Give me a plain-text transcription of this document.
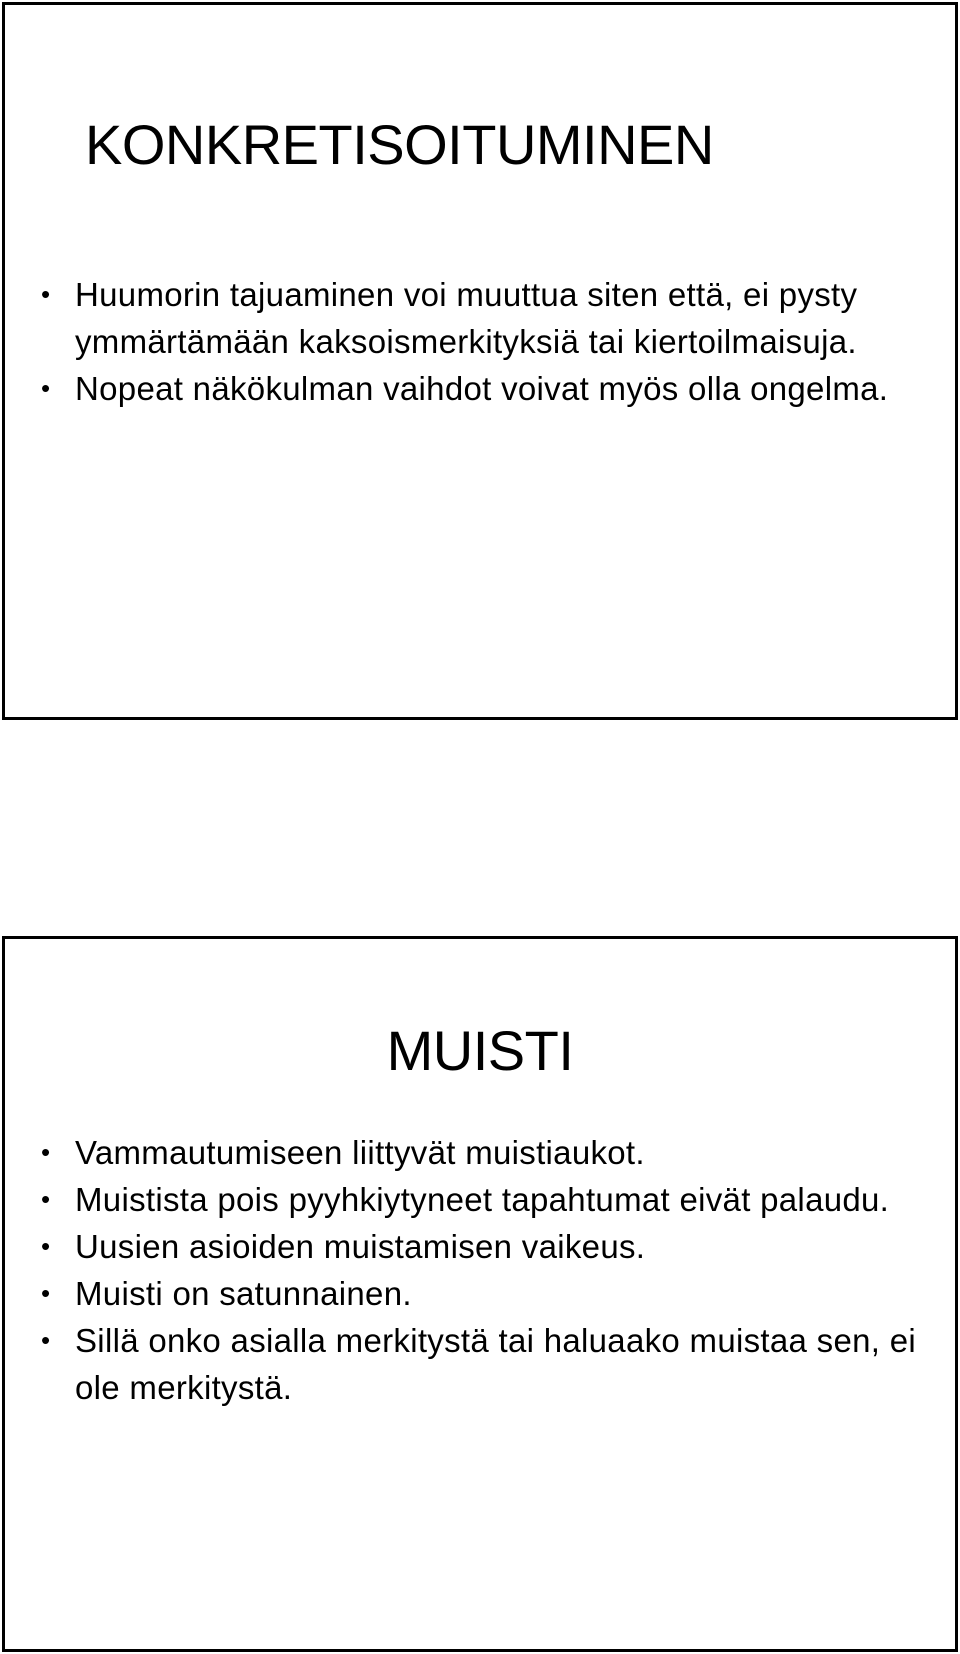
KONKRETISOITUMINEN
• Huumorin tajuaminen voi muuttua siten että, ei pysty ymmärtämään kaksoismerkityksiä tai kiertoilmaisuja.
• Nopeat näkökulman vaihdot voivat myös olla ongelma.
MUISTI
• Vammautumiseen liittyvät muistiaukot.
• Muistista pois pyyhkiytyneet tapahtumat eivät palaudu.
• Uusien asioiden muistamisen vaikeus.
• Muisti on satunnainen.
• Sillä onko asialla merkitystä tai haluaako muistaa sen, ei ole merkitystä.
